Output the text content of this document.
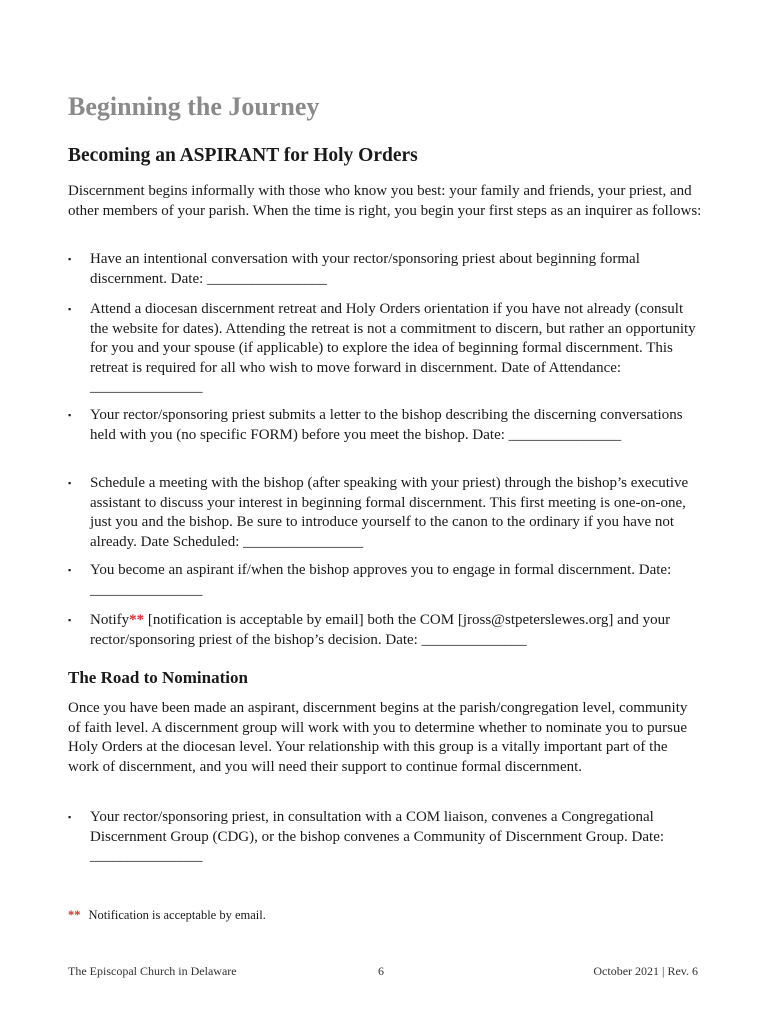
Beginning the Journey
Becoming an ASPIRANT for Holy Orders

Discernment begins informally with those who know you best: your family and friends, your priest, and other members of your parish. When the time is right, you begin your first steps as an inquirer as follows:

▪ Have an intentional conversation with your rector/sponsoring priest about beginning formal discernment. Date: ________________
▪ Attend a diocesan discernment retreat and Holy Orders orientation if you have not already (consult the website for dates). Attending the retreat is not a commitment to discern, but rather an opportunity for you and your spouse (if applicable) to explore the idea of beginning formal discernment. This retreat is required for all who wish to move forward in discernment. Date of Attendance: _______________
▪ Your rector/sponsoring priest submits a letter to the bishop describing the discerning conversations held with you (no specific FORM) before you meet the bishop. Date: _______________
▪ Schedule a meeting with the bishop (after speaking with your priest) through the bishop’s executive assistant to discuss your interest in beginning formal discernment. This first meeting is one-on-one, just you and the bishop. Be sure to introduce yourself to the canon to the ordinary if you have not already. Date Scheduled: ________________
▪ You become an aspirant if/when the bishop approves you to engage in formal discernment. Date: _______________
▪ Notify** [notification is acceptable by email] both the COM [jross@stpeterslewes.org] and your rector/sponsoring priest of the bishop’s decision. Date: ______________
The Road to Nomination

Once you have been made an aspirant, discernment begins at the parish/congregation level, community of faith level. A discernment group will work with you to determine whether to nominate you to pursue Holy Orders at the diocesan level. Your relationship with this group is a vitally important part of the work of discernment, and you will need their support to continue formal discernment.

▪ Your rector/sponsoring priest, in consultation with a COM liaison, convenes a Congregational Discernment Group (CDG), or the bishop convenes a Community of Discernment Group. Date: _______________
** Notification is acceptable by email.
The Episcopal Church in Delaware	6	October 2021 | Rev. 6
